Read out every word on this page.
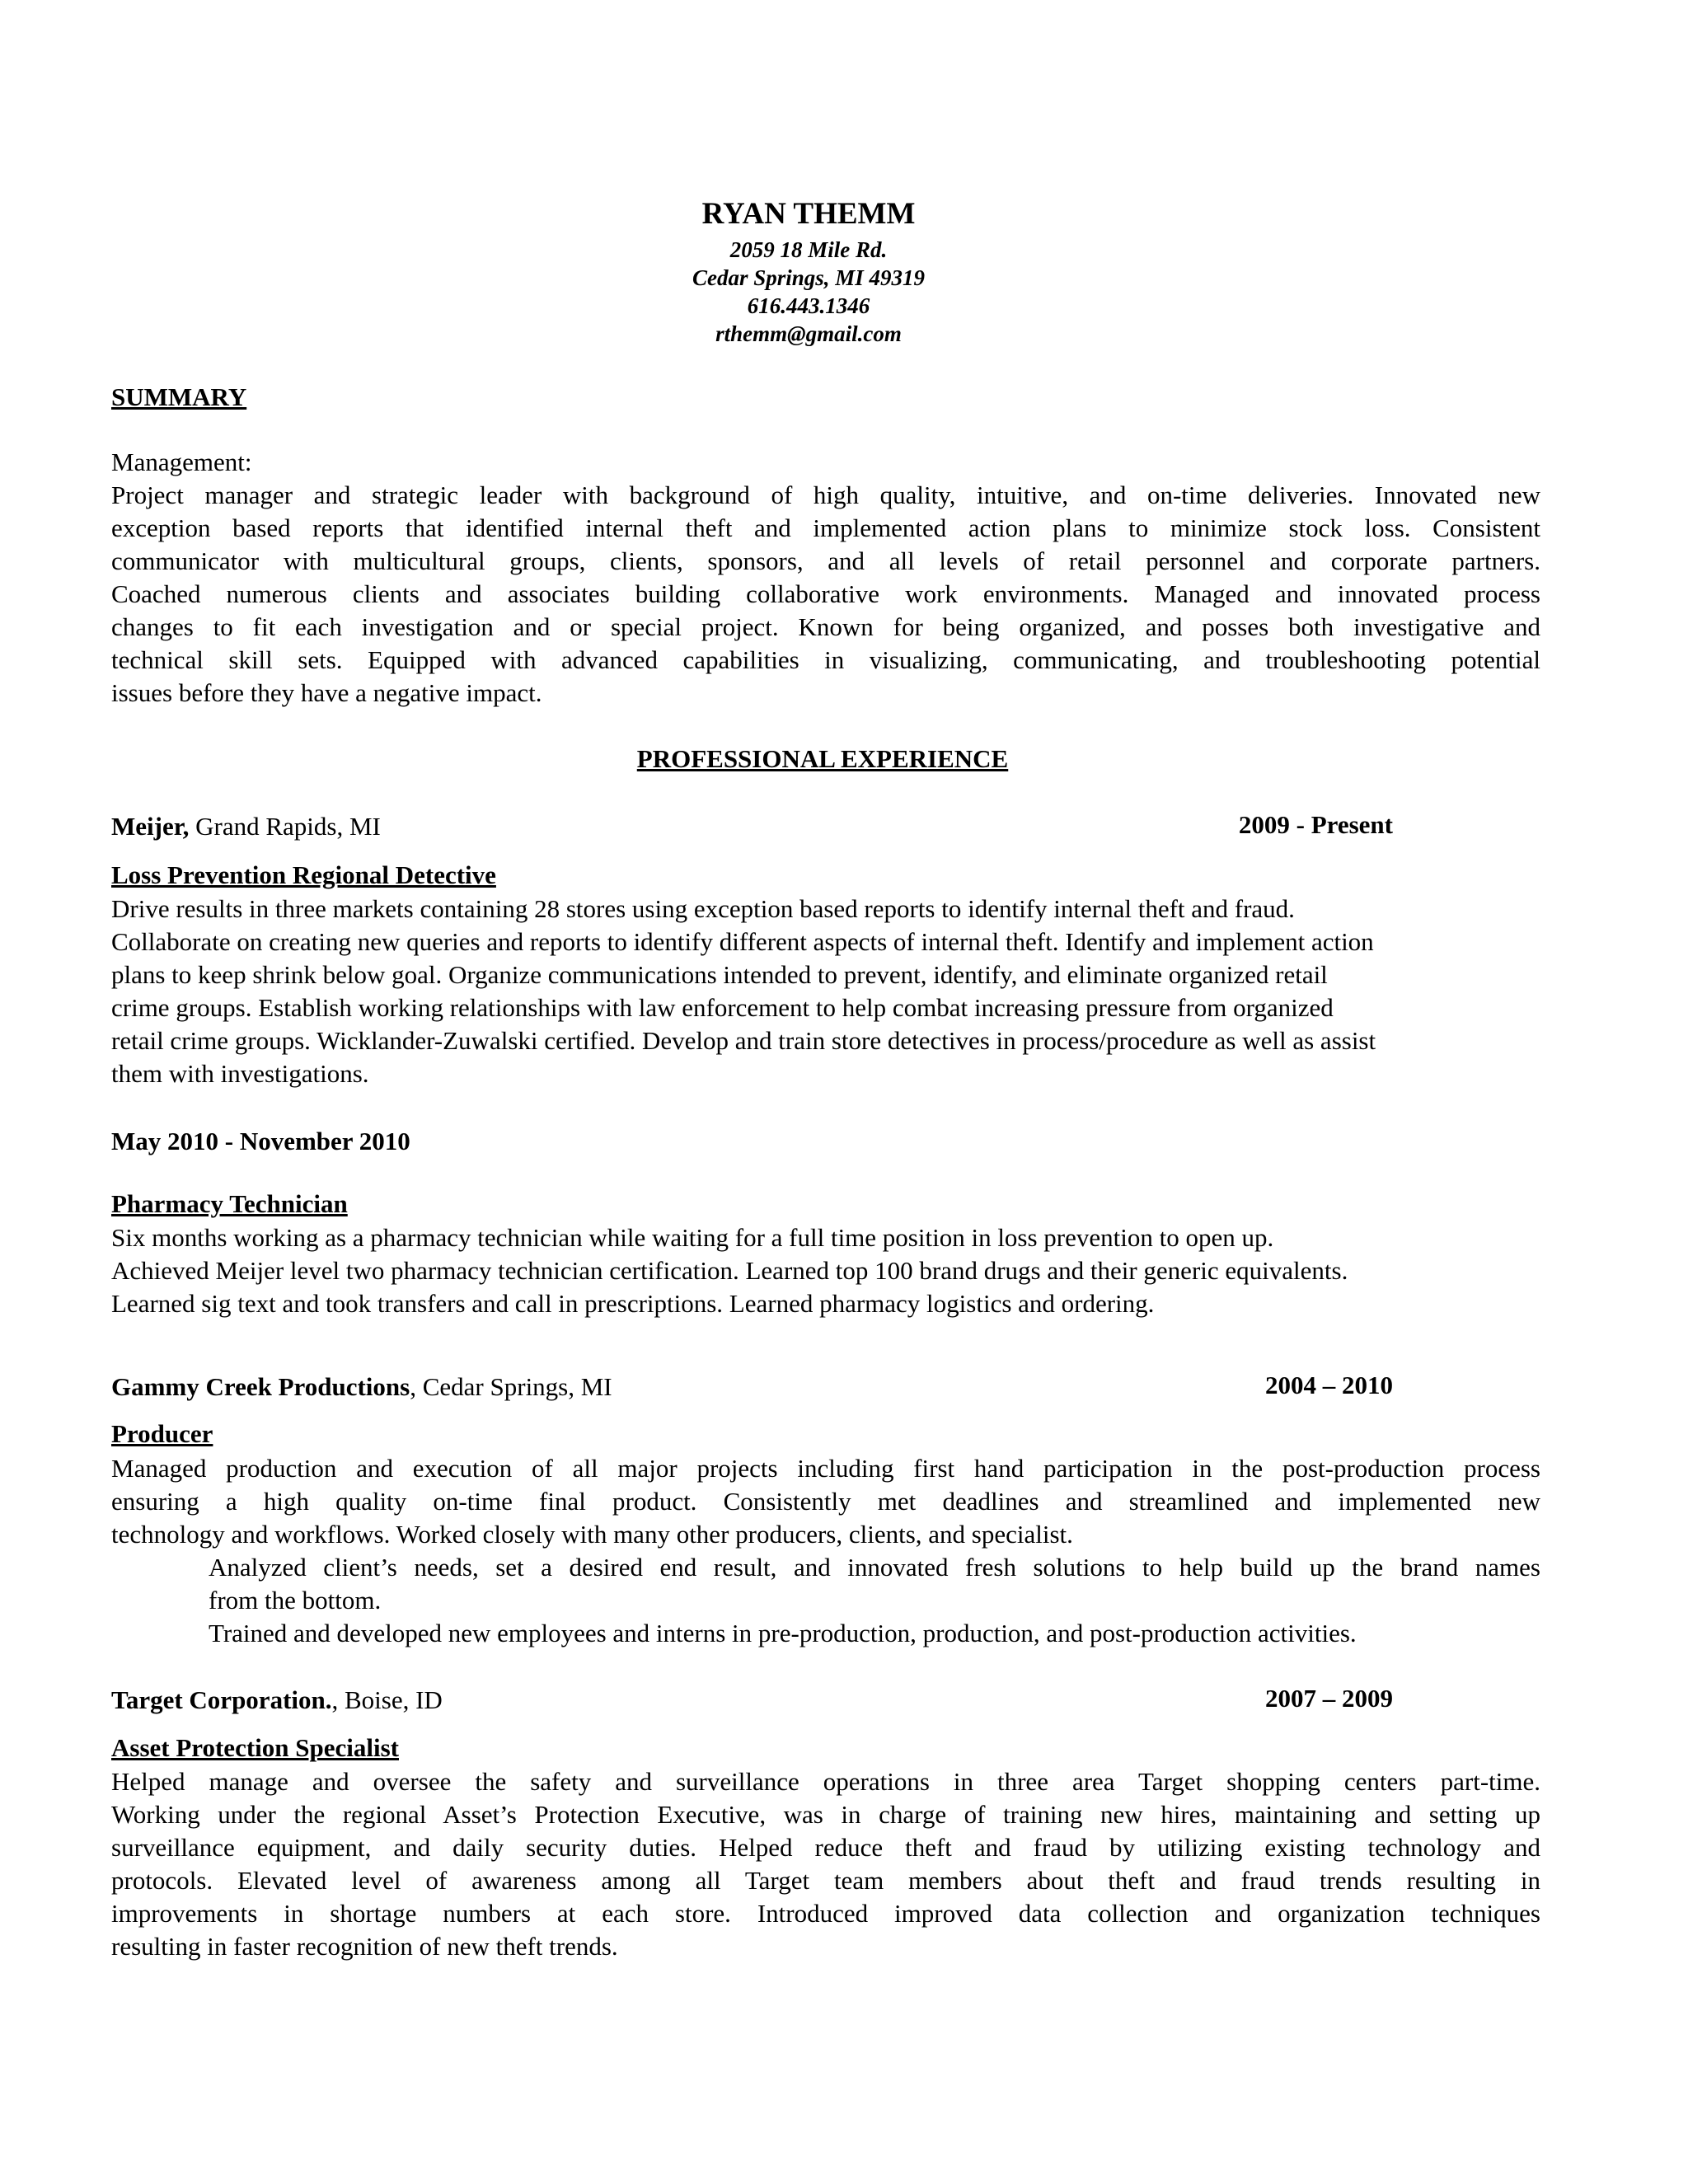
RYAN THEMM
2059 18 Mile Rd.
Cedar Springs, MI 49319
616.443.1346
rthemm@gmail.com
SUMMARY
Management:
Project manager and strategic leader with background of high quality, intuitive, and on-time deliveries. Innovated new
exception based reports that identified internal theft and implemented action plans to minimize stock loss. Consistent
communicator with multicultural groups, clients, sponsors, and all levels of retail personnel and corporate partners.
Coached numerous clients and associates building collaborative work environments. Managed and innovated process
changes to fit each investigation and or special project. Known for being organized, and posses both investigative and
technical skill sets. Equipped with advanced capabilities in visualizing, communicating, and troubleshooting potential
issues before they have a negative impact.
PROFESSIONAL EXPERIENCE
Meijer, Grand Rapids, MI	2009 - Present
Loss Prevention Regional Detective
Drive results in three markets containing 28 stores using exception based reports to identify internal theft and fraud.
Collaborate on creating new queries and reports to identify different aspects of internal theft. Identify and implement action
plans to keep shrink below goal. Organize communications intended to prevent, identify, and eliminate organized retail
crime groups. Establish working relationships with law enforcement to help combat increasing pressure from organized
retail crime groups. Wicklander-Zuwalski certified. Develop and train store detectives in process/procedure as well as assist
them with investigations.
May 2010 - November 2010
Pharmacy Technician
Six months working as a pharmacy technician while waiting for a full time position in loss prevention to open up.
Achieved Meijer level two pharmacy technician certification. Learned top 100 brand drugs and their generic equivalents.
Learned sig text and took transfers and call in prescriptions. Learned pharmacy logistics and ordering.
Gammy Creek Productions, Cedar Springs, MI	2004 – 2010
Producer
Managed production and execution of all major projects including first hand participation in the post-production process
ensuring a high quality on-time final product. Consistently met deadlines and streamlined and implemented new
technology and workflows. Worked closely with many other producers, clients, and specialist.
Analyzed client’s needs, set a desired end result, and innovated fresh solutions to help build up the brand names
from the bottom.
Trained and developed new employees and interns in pre-production, production, and post-production activities.
Target Corporation., Boise, ID	2007 – 2009
Asset Protection Specialist
Helped manage and oversee the safety and surveillance operations in three area Target shopping centers part-time.
Working under the regional Asset’s Protection Executive, was in charge of training new hires, maintaining and setting up
surveillance equipment, and daily security duties. Helped reduce theft and fraud by utilizing existing technology and
protocols. Elevated level of awareness among all Target team members about theft and fraud trends resulting in
improvements in shortage numbers at each store. Introduced improved data collection and organization techniques
resulting in faster recognition of new theft trends.
